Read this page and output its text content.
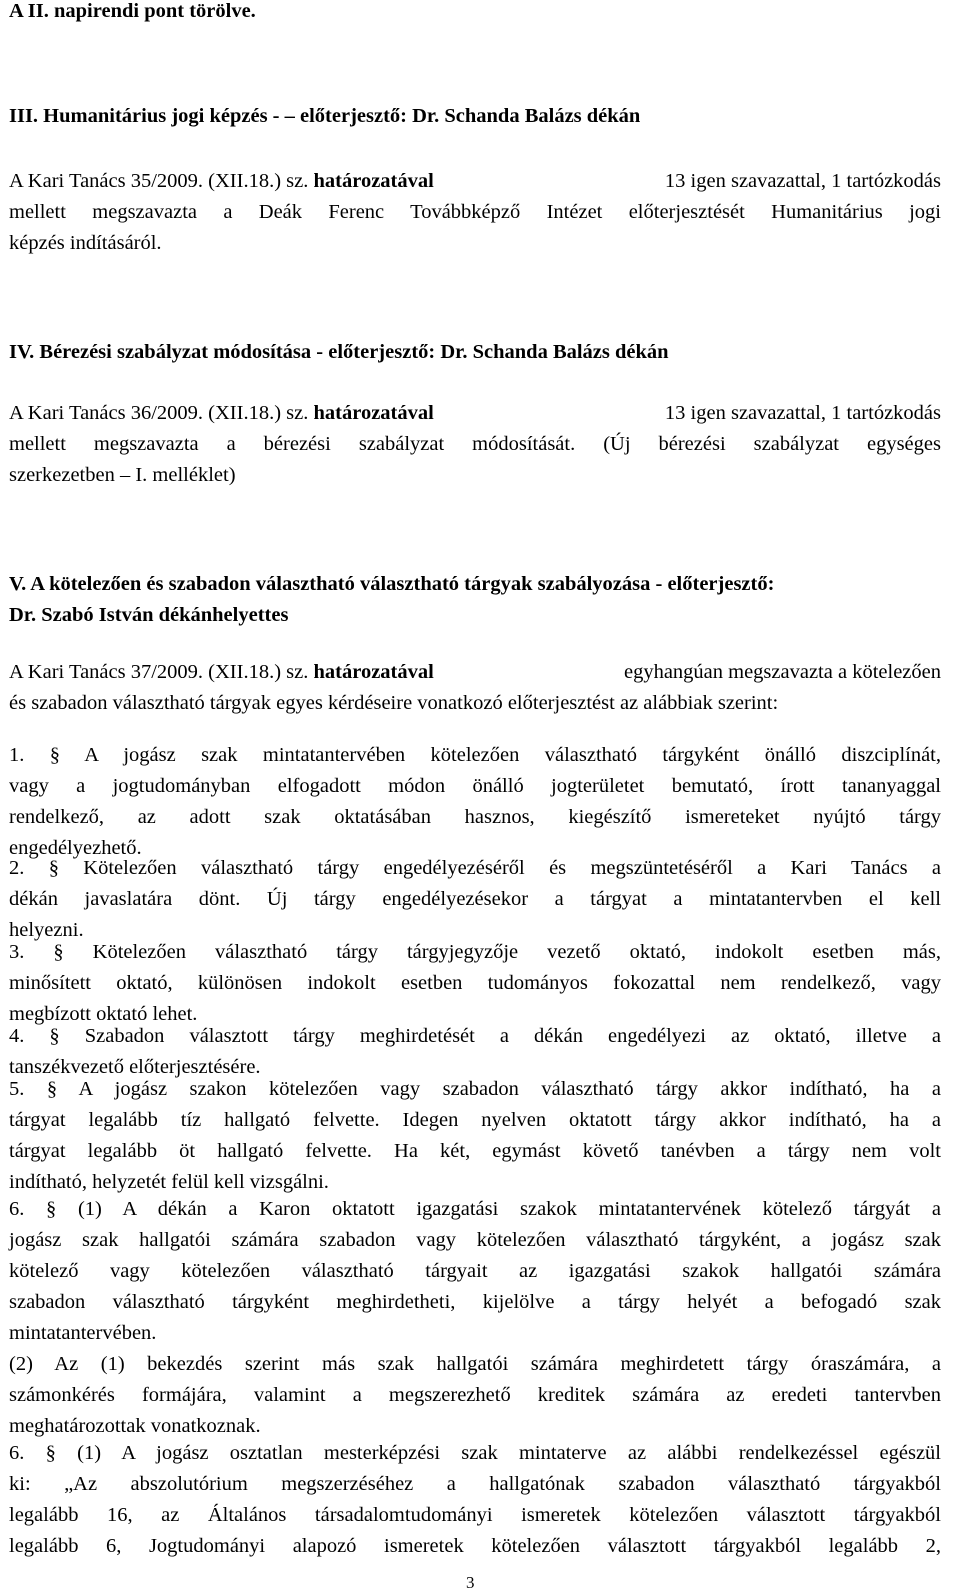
A II. napirendi pont törölve.
III. Humanitárius jogi képzés - – előterjesztő: Dr. Schanda Balázs dékán
A Kari Tanács 35/2009. (XII.18.) sz. határozatával	13 igen szavazattal, 1 tartózkodás
mellett megszavazta a Deák Ferenc Továbbképző Intézet előterjesztését Humanitárius jogi
képzés indításáról.
IV. Bérezési szabályzat módosítása - előterjesztő: Dr. Schanda Balázs dékán
A Kari Tanács 36/2009. (XII.18.) sz. határozatával	13 igen szavazattal, 1 tartózkodás
mellett megszavazta a bérezési szabályzat módosítását. (Új bérezési szabályzat egységes
szerkezetben – I. melléklet)
V. A kötelezően és szabadon választható választható tárgyak szabályozása - előterjesztő:
Dr. Szabó István dékánhelyettes
A Kari Tanács 37/2009. (XII.18.) sz. határozatával	egyhangúan megszavazta a kötelezően
és szabadon választható tárgyak egyes kérdéseire vonatkozó előterjesztést az alábbiak szerint:
1. § A jogász szak mintatantervében kötelezően választható tárgyként önálló diszciplínát,
vagy a jogtudományban elfogadott módon önálló jogterületet bemutató, írott tananyaggal
rendelkező, az adott szak oktatásában hasznos, kiegészítő ismereteket nyújtó tárgy
engedélyezhető.
2. § Kötelezően választható tárgy engedélyezéséről és megszüntetéséről a Kari Tanács a
dékán javaslatára dönt. Új tárgy engedélyezésekor a tárgyat a mintatantervben el kell
helyezni.
3. § Kötelezően választható tárgy tárgyjegyzője vezető oktató, indokolt esetben más,
minősített oktató, különösen indokolt esetben tudományos fokozattal nem rendelkező, vagy
megbízott oktató lehet.
4. § Szabadon választott tárgy meghirdetését a dékán engedélyezi az oktató, illetve a
tanszékvezető előterjesztésére.
5. § A jogász szakon kötelezően vagy szabadon választható tárgy akkor indítható, ha a
tárgyat legalább tíz hallgató felvette. Idegen nyelven oktatott tárgy akkor indítható, ha a
tárgyat legalább öt hallgató felvette. Ha két, egymást követő tanévben a tárgy nem volt
indítható, helyzetét felül kell vizsgálni.
6. § (1) A dékán a Karon oktatott igazgatási szakok mintatantervének kötelező tárgyát a
jogász szak hallgatói számára szabadon vagy kötelezően választható tárgyként, a jogász szak
kötelező vagy kötelezően választható tárgyait az igazgatási szakok hallgatói számára
szabadon választható tárgyként meghirdetheti, kijelölve a tárgy helyét a befogadó szak
mintatantervében.
(2) Az (1) bekezdés szerint más szak hallgatói számára meghirdetett tárgy óraszámára, a
számonkérés formájára, valamint a megszerezhető kreditek számára az eredeti tantervben
meghatározottak vonatkoznak.
6. § (1) A jogász osztatlan mesterképzési szak mintaterve az alábbi rendelkezéssel egészül
ki: „Az abszolutórium megszerzéséhez a hallgatónak szabadon választható tárgyakból
legalább 16, az Általános társadalomtudományi ismeretek kötelezően választott tárgyakból
legalább 6, Jogtudományi alapozó ismeretek kötelezően választott tárgyakból legalább 2,
3
